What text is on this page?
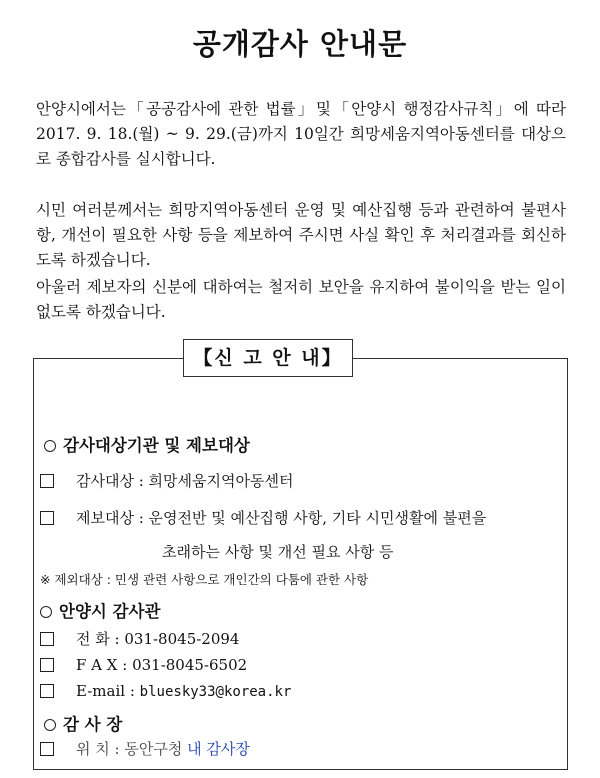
공개감사 안내문

안양시에서는「공공감사에 관한 법률」및「안양시 행정감사규칙」에 따라 2017. 9. 18.(월) ~ 9. 29.(금)까지 10일간 희망세움지역아동센터를 대상으로 종합감사를 실시합니다.

시민 여러분께서는 희망지역아동센터 운영 및 예산집행 등과 관련하여 불편사항, 개선이 필요한 사항 등을 제보하여 주시면 사실 확인 후 처리결과를 회신하도록 하겠습니다.

아울러 제보자의 신분에 대하여는 철저히 보안을 유지하여 불이익을 받는 일이 없도록 하겠습니다.

【신 고 안 내】
감사대상기관 및 제보대상
감사대상 : 희망세움지역아동센터
제보대상 : 운영전반 및 예산집행 사항, 기타 시민생활에 불편을
초래하는 사항 및 개선 필요 사항 등
※ 제외대상 : 민생 관련 사항으로 개인간의 다툼에 관한 사항
안양시 감사관
전 화 : 031-8045-2094
F A X : 031-8045-6502
E-mail : bluesky33@korea.kr
감 사 장
위 치 : 동안구청 내 감사장
